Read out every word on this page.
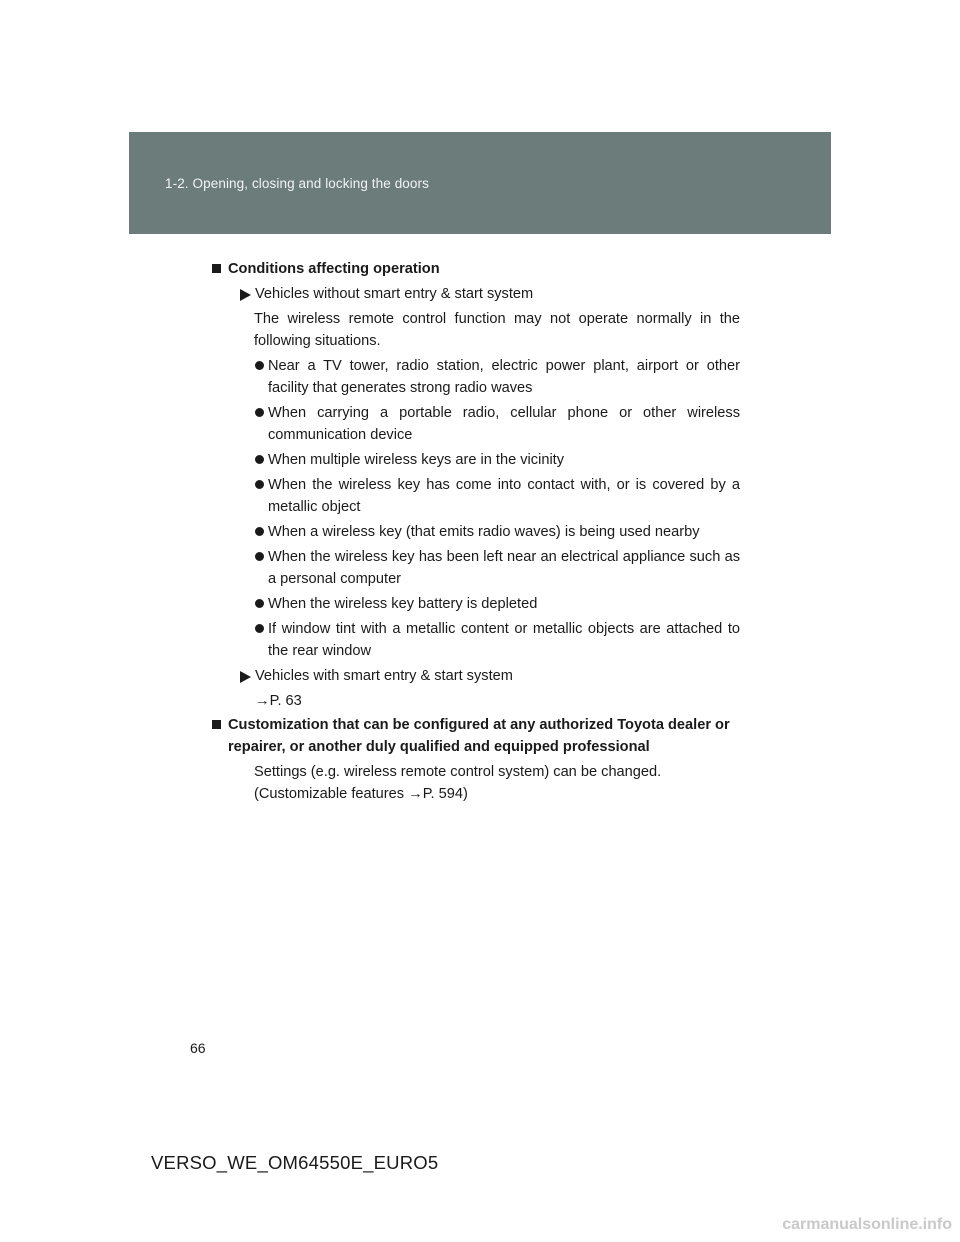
1-2. Opening, closing and locking the doors
Conditions affecting operation
Vehicles without smart entry & start system
The wireless remote control function may not operate normally in the following situations.
Near a TV tower, radio station, electric power plant, airport or other facility that generates strong radio waves
When carrying a portable radio, cellular phone or other wireless communication device
When multiple wireless keys are in the vicinity
When the wireless key has come into contact with, or is covered by a metallic object
When a wireless key (that emits radio waves) is being used nearby
When the wireless key has been left near an electrical appliance such as a personal computer
When the wireless key battery is depleted
If window tint with a metallic content or metallic objects are attached to the rear window
Vehicles with smart entry & start system
→P. 63
Customization that can be configured at any authorized Toyota dealer or repairer, or another duly qualified and equipped professional
Settings (e.g. wireless remote control system) can be changed.
(Customizable features →P. 594)
66
VERSO_WE_OM64550E_EURO5
carmanualsonline.info
